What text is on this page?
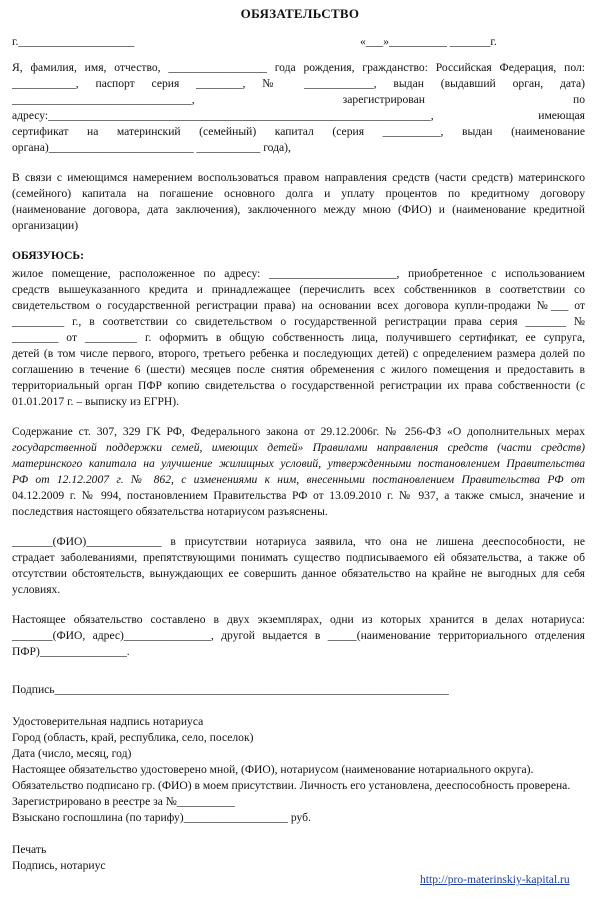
ОБЯЗАТЕЛЬСТВО
г.____________________	«___»__________ _______г.
Я, фамилия, имя, отчество, _________________ года рождения, гражданство: Российская Федерация, пол:
___________, паспорт серия ________, № ____________, выдан (выдавший орган, дата)
_______________________________, зарегистрирован по
адресу:__________________________________________________________________, имеющая
сертификат на материнский (семейный) капитал (серия __________, выдан (наименование
органа)_________________________ ___________ года),
В связи с имеющимся намерением воспользоваться правом направления средств (части средств) материнского
(семейного) капитала на погашение основного долга и уплату процентов по кредитному договору
(наименование договора, дата заключения), заключенного между мною (ФИО) и (наименование кредитной
организации)
ОБЯЗУЮСЬ:
жилое помещение, расположенное по адресу: ______________________, приобретенное с использованием
средств вышеуказанного кредита и принадлежащее (перечислить всех собственников в соответствии со
свидетельством о государственной регистрации права) на основании всех договора купли-продажи №___ от
_________ г., в соответствии со свидетельством о государственной регистрации права серия _______ №
________ от _________ г. оформить в общую собственность лица, получившего сертификат, ее супруга,
детей (в том числе первого, второго, третьего ребенка и последующих детей) с определением размера долей по
соглашению в течение 6 (шести) месяцев после снятия обременения с жилого помещения и предоставить в
территориальный орган ПФР копию свидетельства о государственной регистрации их права собственности (с
01.01.2017 г. – выписку из ЕГРН).
Содержание ст. 307, 329 ГК РФ, Федерального закона от 29.12.2006г. № 256-ФЗ «О дополнительных мерах
государственной поддержки семей, имеющих детей» Правилами направления средств (части средств)
материнского капитала на улучшение жилищных условий, утвержденными постановлением Правительства
РФ от 12.12.2007 г. № 862, с изменениями к ним, внесенными постановлением Правительства РФ от
04.12.2009 г. № 994, постановлением Правительства РФ от 13.09.2010 г. № 937, а также смысл, значение и
последствия настоящего обязательства нотариусом разъяснены.
_______(ФИО)_____________ в присутствии нотариуса заявила, что она не лишена дееспособности, не
страдает заболеваниями, препятствующими понимать существо подписываемого ей обязательства, а также об
отсутствии обстоятельств, вынуждающих ее совершить данное обязательство на крайне не выгодных для себя
условиях.
Настоящее обязательство составлено в двух экземплярах, одни из которых хранится в делах нотариуса:
_______(ФИО, адрес)_______________, другой выдается в _____(наименование территориального отделения
ПФР)_______________.
Подпись____________________________________________________________________
Удостоверительная надпись нотариуса
Город (область, край, республика, село, поселок)
Дата (число, месяц, год)
Настоящее обязательство удостоверено мной, (ФИО), нотариусом (наименование нотариального округа).
Обязательство подписано гр. (ФИО) в моем присутствии. Личность его установлена, дееспособность проверена.
Зарегистрировано в реестре за №__________
Взыскано госпошлина (по тарифу)__________________ руб.
Печать
Подпись, нотариус
http://pro-materinskiy-kapital.ru
